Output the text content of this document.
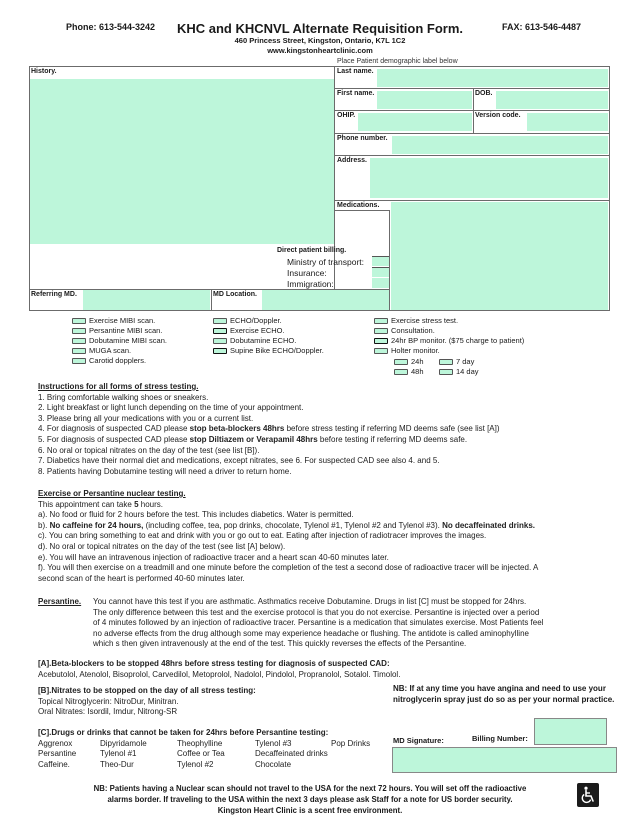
Phone: 613-544-3242	KHC and KHCNVL Alternate Requisition Form.	FAX: 613-546-4487
460 Princess Street, Kingston, Ontario, K7L 1C2
www.kingstonheartclinic.com
Place Patient demographic label below
History.	Last name.
First name.	DOB.
OHIP.	Version code.
Phone number.
Address.
Medications.
Direct patient billing.
Ministry of transport:
Insurance:
Immigration:
Referring MD.	MD Location.
Exercise MIBI scan.
Persantine MIBI scan.
Dobutamine MIBI scan.
MUGA scan.
Carotid dopplers.
ECHO/Doppler.
Exercise ECHO.
Dobutamine ECHO.
Supine Bike ECHO/Doppler.
Exercise stress test.
Consultation.
24hr BP monitor. ($75 charge to patient)
Holter monitor.
24h	7 day
48h	14 day
Instructions for all forms of stress testing.
1. Bring comfortable walking shoes or sneakers.
2. Light breakfast or light lunch depending on the time of your appointment.
3. Please bring all your medications with you or a current list.
4. For diagnosis of suspected CAD please stop beta-blockers 48hrs before stress testing if referring MD deems safe (see list [A])
5. For diagnosis of suspected CAD please stop Diltiazem or Verapamil 48hrs before testing if referring MD deems safe.
6. No oral or topical nitrates on the day of the test (see list [B]).
7. Diabetics have their normal diet and medications, except nitrates, see 6. For suspected CAD see also 4. and 5.
8. Patients having Dobutamine testing will need a driver to return home.
Exercise or Persantine nuclear testing.
This appointment can take 5 hours.
a). No food or fluid for 2 hours before the test. This includes diabetics. Water is permitted.
b). No caffeine for 24 hours, (including coffee, tea, pop drinks, chocolate, Tylenol #1, Tylenol #2 and Tylenol #3). No decaffeinated drinks.
c). You can bring something to eat and drink with you or go out to eat. Eating after injection of radiotracer improves the images.
d). No oral or topical nitrates on the day of the test (see list [A] below).
e). You will have an intravenous injection of radioactive tracer and a heart scan 40-60 minutes later.
f). You will then exercise on a treadmill and one minute before the completion of the test a second dose of radioactive tracer will be injected. A
second scan of the heart is performed 40-60 minutes later.
Persantine. You cannot have this test if you are asthmatic. Asthmatics receive Dobutamine. Drugs in list [C] must be stopped for 24hrs.
The only difference between this test and the exercise protocol is that you do not exercise. Persantine is injected over a period
of 4 minutes followed by an injection of radioactive tracer. Persantine is a medication that simulates exercise. Most Patients feel
no adverse effects from the drug although some may experience headache or flushing. The antidote is called aminophylline
which s then given intravenously at the end of the test. This quickly reverses the effects of the Persantine.
[A].Beta-blockers to be stopped 48hrs before stress testing for diagnosis of suspected CAD:
Acebutolol, Atenolol, Bisoprolol, Carvedilol, Metoprolol, Nadolol, Pindolol, Propranolol, Sotalol. Timolol.
[B].Nitrates to be stopped on the day of all stress testing:
Topical Nitroglycerin: NitroDur, Minitran.
Oral Nitrates: Isordil, Imdur, Nitrong-SR
[C].Drugs or drinks that cannot be taken for 24hrs before Persantine testing:
Aggrenox	Dipyridamole	Theophylline	Tylenol #3	Pop Drinks
Persantine	Tylenol #1	Coffee or Tea	Decaffeinated drinks
Caffeine.	Theo-Dur	Tylenol #2	Chocolate
NB: If at any time you have angina and need to use your nitroglycerin spray just do so as per your normal practice.
MD Signature:	Billing Number:
NB: Patients having a Nuclear scan should not travel to the USA for the next 72 hours. You will set off the radioactive
alarms border. If traveling to the USA within the next 3 days please ask Staff for a note for US border security.
Kingston Heart Clinic is a scent free environment.
